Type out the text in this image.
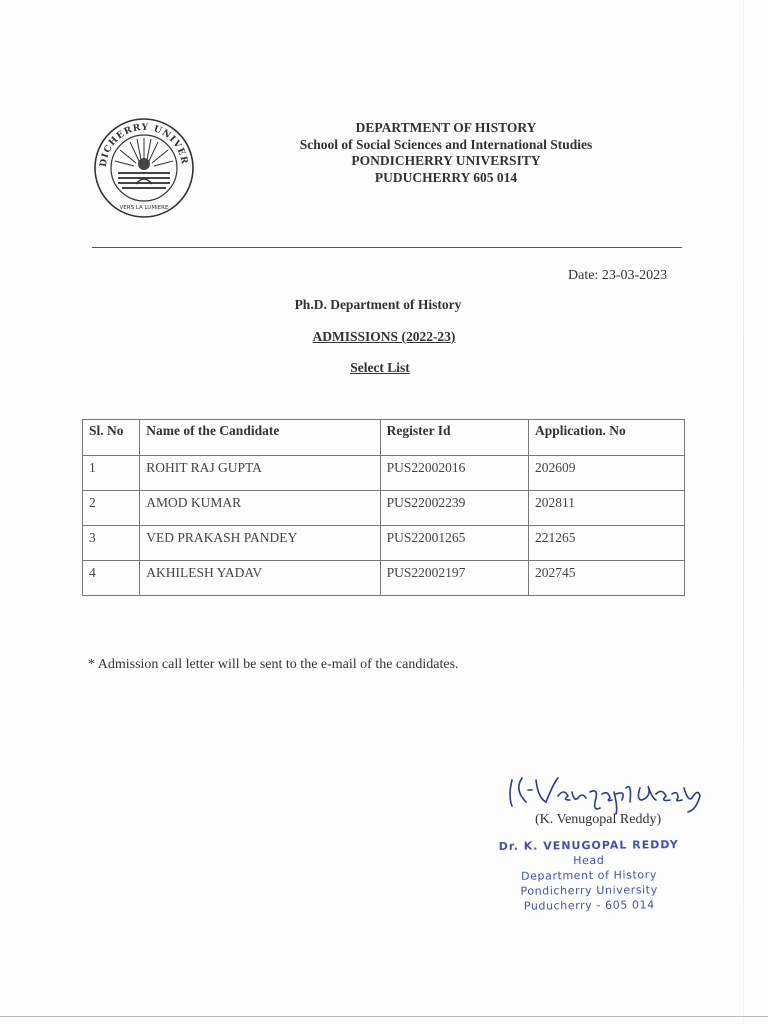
DICHERRY UNIVER
VERS LA LUMIERE
DEPARTMENT OF HISTORY
School of Social Sciences and International Studies
PONDICHERRY UNIVERSITY
PUDUCHERRY 605 014
Date: 23-03-2023
Ph.D. Department of History
ADMISSIONS (2022-23)
Select List
Sl. No	Name of the Candidate	Register Id	Application. No
1	ROHIT RAJ GUPTA	PUS22002016	202609
2	AMOD KUMAR	PUS22002239	202811
3	VED PRAKASH PANDEY	PUS22001265	221265
4	AKHILESH YADAV	PUS22002197	202745
* Admission call letter will be sent to the e-mail of the candidates.
(K. Venugopal Reddy)
Dr. K. VENUGOPAL REDDY
Head
Department of History
Pondicherry University
Puducherry - 605 014
